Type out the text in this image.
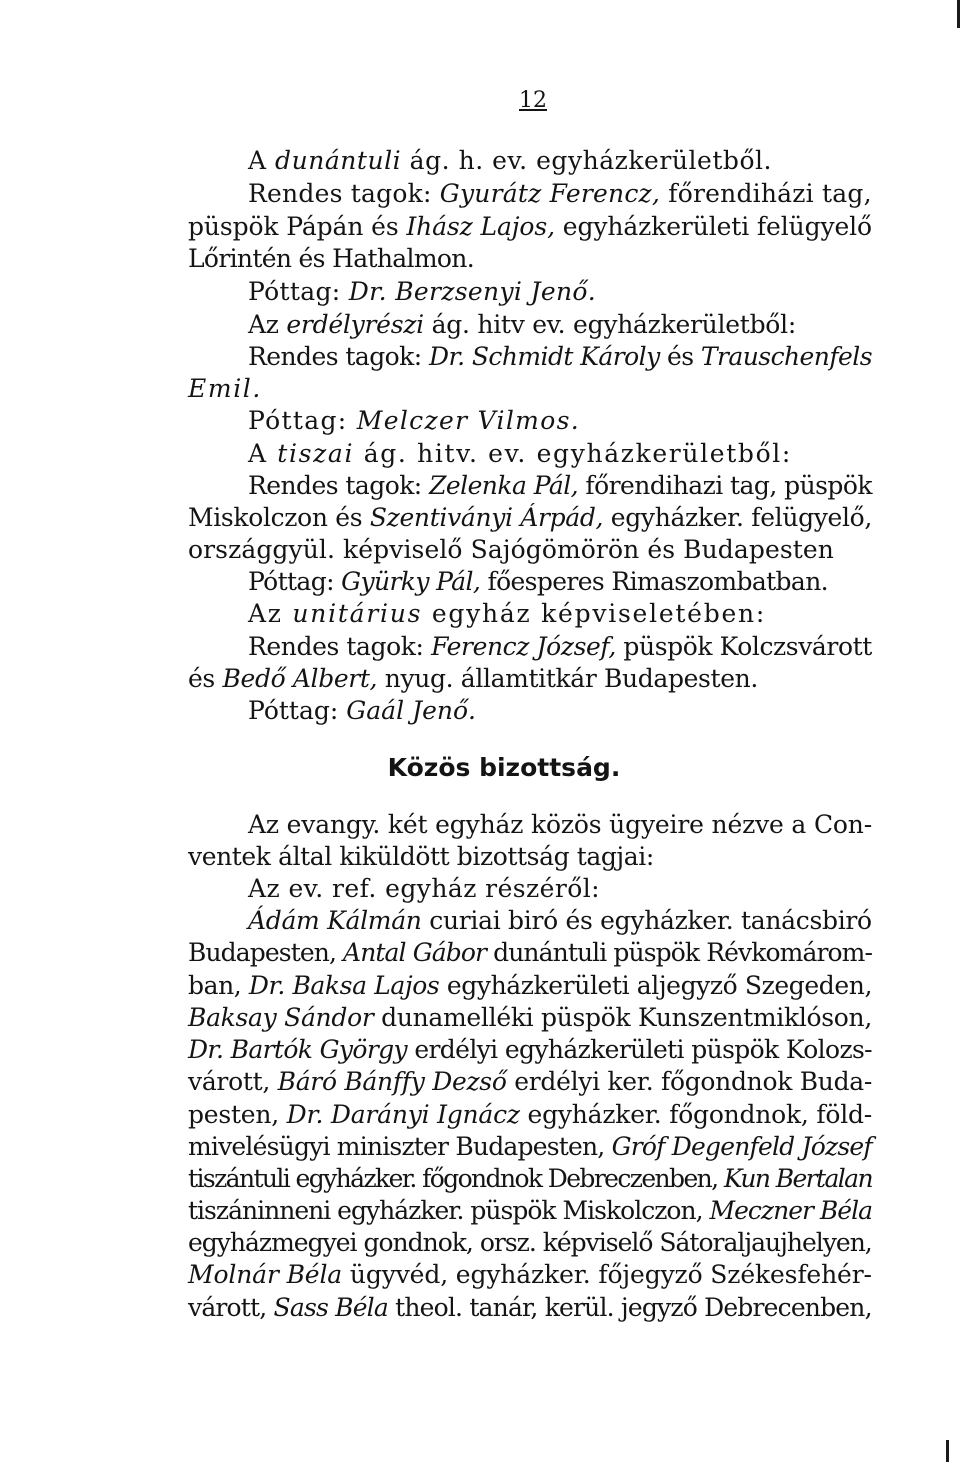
12
Közös bizottság.
A dunántuli ág. h. ev. egyházkerületből.
Rendes tagok: Gyurátz Ferencz, főrendiházi tag,
püspök Pápán és Ihász Lajos, egyházkerületi felügyelő
Lőrintén és Hathalmon.
Póttag: Dr. Berzsenyi Jenő.
Az erdélyrészi ág. hitv ev. egyházkerületből:
Rendes tagok: Dr. Schmidt Károly és Trauschenfels
Emil.
Póttag: Melczer Vilmos.
A tiszai ág. hitv. ev. egyházkerületből:
Rendes tagok: Zelenka Pál, főrendihazi tag, püspök
Miskolczon és Szentiványi Árpád, egyházker. felügyelő,
országgyül. képviselő Sajógömörön és Budapesten
Póttag: Gyürky Pál, főesperes Rimaszombatban.
Az unitárius egyház képviseletében:
Rendes tagok: Ferencz József, püspök Kolczsvárott
és Bedő Albert, nyug. államtitkár Budapesten.
Póttag: Gaál Jenő.
Az evangy. két egyház közös ügyeire nézve a Con-
ventek által kiküldött bizottság tagjai:
Az ev. ref. egyház részéről:
Ádám Kálmán curiai biró és egyházker. tanácsbiró
Budapesten, Antal Gábor dunántuli püspök Révkomárom-
ban, Dr. Baksa Lajos egyházkerületi aljegyző Szegeden,
Baksay Sándor dunamelléki püspök Kunszentmiklóson,
Dr. Bartók György erdélyi egyházkerületi püspök Kolozs-
várott, Báró Bánffy Dezső erdélyi ker. főgondnok Buda-
pesten, Dr. Darányi Ignácz egyházker. főgondnok, föld-
mivelésügyi miniszter Budapesten, Gróf Degenfeld József
tiszántuli egyházker. főgondnok Debreczenben, Kun Bertalan
tiszáninneni egyházker. püspök Miskolczon, Meczner Béla
egyházmegyei gondnok, orsz. képviselő Sátoraljaujhelyen,
Molnár Béla ügyvéd, egyházker. főjegyző Székesfehér-
várott, Sass Béla theol. tanár, kerül. jegyző Debrecenben,
